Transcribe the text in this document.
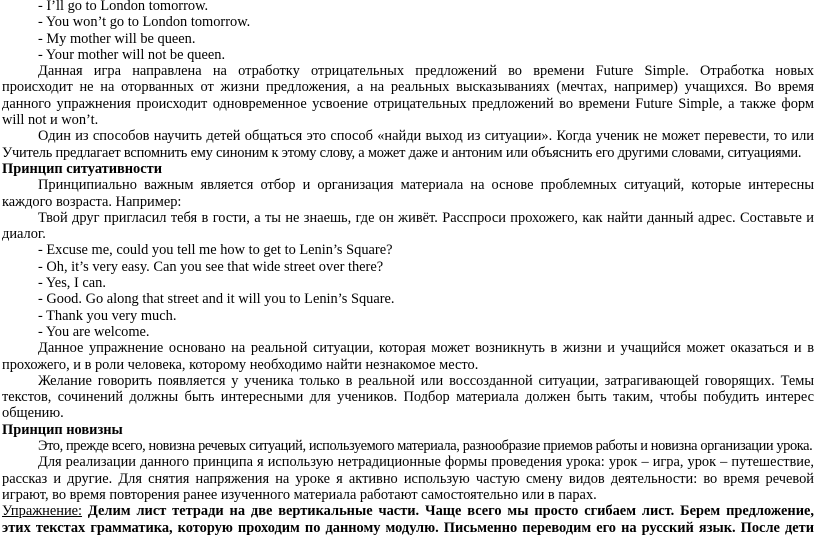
- I’ll go to London tomorrow.
- You won’t go to London tomorrow.
- My mother will be queen.
- Your mother will not be queen.
Данная игра направлена на отработку отрицательных предложений во времени Future Simple. Отработка новых
происходит не на оторванных от жизни предложения, а на реальных высказываниях (мечтах, например) учащихся. Во время
данного упражнения происходит одновременное усвоение отрицательных предложений во времени Future Simple, а также форм
will not и won’t.
Один из способов научить детей общаться это способ «найди выход из ситуации». Когда ученик не может перевести, то или
Учитель предлагает вспомнить ему синоним к этому слову, а может даже и антоним или объяснить его другими словами, ситуациями.
Принцип ситуативности
Принципиально важным является отбор и организация материала на основе проблемных ситуаций, которые интересны
каждого возраста. Например:
Твой друг пригласил тебя в гости, а ты не знаешь, где он живёт. Расспроси прохожего, как найти данный адрес. Составьте и
диалог.
- Excuse me, could you tell me how to get to Lenin’s Square?
- Oh, it’s very easy. Can you see that wide street over there?
- Yes, I can.
- Good. Go along that street and it will you to Lenin’s Square.
- Thank you very much.
- You are welcome.
Данное упражнение основано на реальной ситуации, которая может возникнуть в жизни и учащийся может оказаться и в
прохожего, и в роли человека, которому необходимо найти незнакомое место.
Желание говорить появляется у ученика только в реальной или воссозданной ситуации, затрагивающей говорящих. Темы
текстов, сочинений должны быть интересными для учеников. Подбор материала должен быть таким, чтобы побудить интерес
общению.
Принцип новизны
Это, прежде всего, новизна речевых ситуаций, используемого материала, разнообразие приемов работы и новизна организации урока.
Для реализации данного принципа я использую нетрадиционные формы проведения урока: урок – игра, урок – путешествие,
рассказ и другие. Для снятия напряжения на уроке я активно использую частую смену видов деятельности: во время речевой
играют, во время повторения ранее изученного материала работают самостоятельно или в парах.
Упражнение: Делим лист тетради на две вертикальные части. Чаще всего мы просто сгибаем лист. Берем предложение,
этих текстах грамматика, которую проходим по данному модулю. Письменно переводим его на русский язык. После дети
